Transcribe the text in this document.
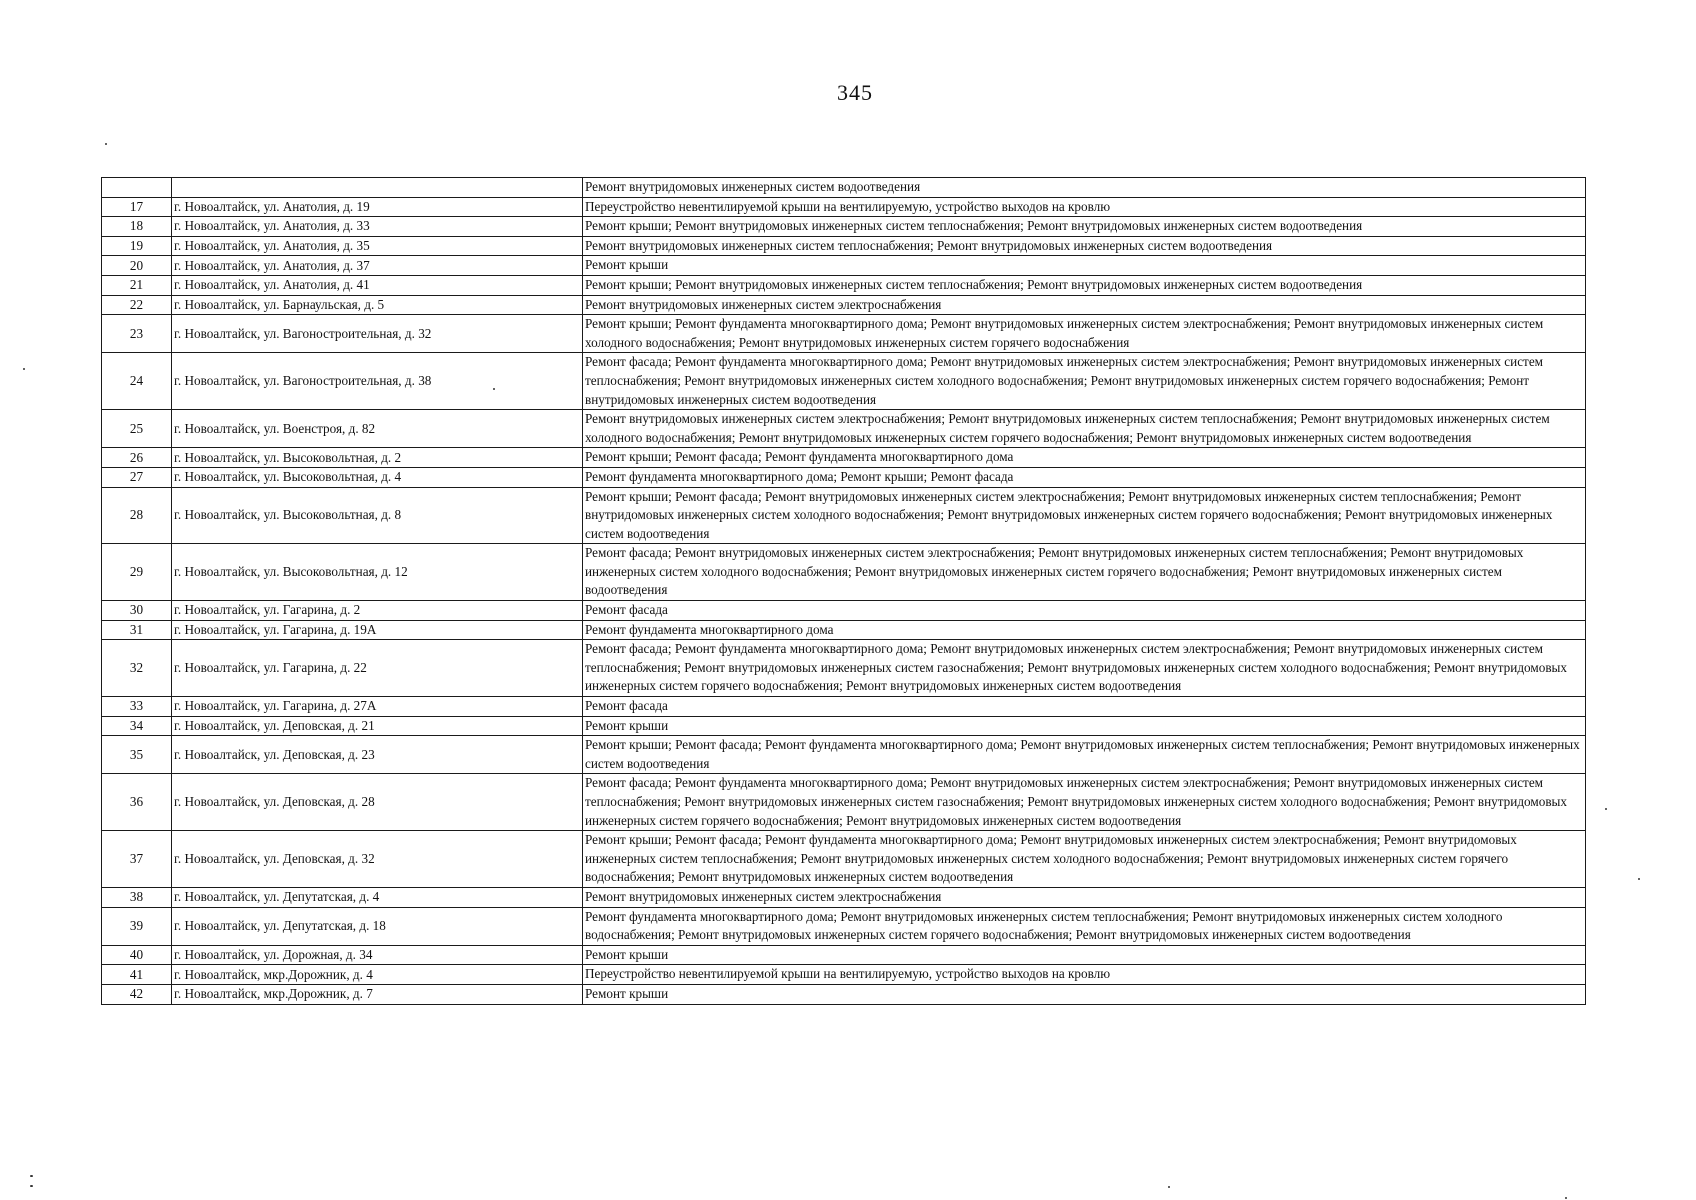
345
		Ремонт внутридомовых инженерных систем водоотведения
17	г. Новоалтайск, ул. Анатолия, д. 19	Переустройство невентилируемой крыши на вентилируемую, устройство выходов на кровлю
18	г. Новоалтайск, ул. Анатолия, д. 33	Ремонт крыши; Ремонт внутридомовых инженерных систем теплоснабжения; Ремонт внутридомовых инженерных систем водоотведения
19	г. Новоалтайск, ул. Анатолия, д. 35	Ремонт внутридомовых инженерных систем теплоснабжения; Ремонт внутридомовых инженерных систем водоотведения
20	г. Новоалтайск, ул. Анатолия, д. 37	Ремонт крыши
21	г. Новоалтайск, ул. Анатолия, д. 41	Ремонт крыши; Ремонт внутридомовых инженерных систем теплоснабжения; Ремонт внутридомовых инженерных систем водоотведения
22	г. Новоалтайск, ул. Барнаульская, д. 5	Ремонт внутридомовых инженерных систем электроснабжения
23	г. Новоалтайск, ул. Вагоностроительная, д. 32	Ремонт крыши; Ремонт фундамента многоквартирного дома; Ремонт внутридомовых инженерных систем электроснабжения; Ремонт внутридомовых инженерных систем холодного водоснабжения; Ремонт внутридомовых инженерных систем горячего водоснабжения
24	г. Новоалтайск, ул. Вагоностроительная, д. 38	Ремонт фасада; Ремонт фундамента многоквартирного дома; Ремонт внутридомовых инженерных систем электроснабжения; Ремонт внутридомовых инженерных систем теплоснабжения; Ремонт внутридомовых инженерных систем холодного водоснабжения; Ремонт внутридомовых инженерных систем горячего водоснабжения; Ремонт внутридомовых инженерных систем водоотведения
25	г. Новоалтайск, ул. Военстроя, д. 82	Ремонт внутридомовых инженерных систем электроснабжения; Ремонт внутридомовых инженерных систем теплоснабжения; Ремонт внутридомовых инженерных систем холодного водоснабжения; Ремонт внутридомовых инженерных систем горячего водоснабжения; Ремонт внутридомовых инженерных систем водоотведения
26	г. Новоалтайск, ул. Высоковольтная, д. 2	Ремонт крыши; Ремонт фасада; Ремонт фундамента многоквартирного дома
27	г. Новоалтайск, ул. Высоковольтная, д. 4	Ремонт фундамента многоквартирного дома; Ремонт крыши; Ремонт фасада
28	г. Новоалтайск, ул. Высоковольтная, д. 8	Ремонт крыши; Ремонт фасада; Ремонт внутридомовых инженерных систем электроснабжения; Ремонт внутридомовых инженерных систем теплоснабжения; Ремонт внутридомовых инженерных систем холодного водоснабжения; Ремонт внутридомовых инженерных систем горячего водоснабжения; Ремонт внутридомовых инженерных систем водоотведения
29	г. Новоалтайск, ул. Высоковольтная, д. 12	Ремонт фасада; Ремонт внутридомовых инженерных систем электроснабжения; Ремонт внутридомовых инженерных систем теплоснабжения; Ремонт внутридомовых инженерных систем холодного водоснабжения; Ремонт внутридомовых инженерных систем горячего водоснабжения; Ремонт внутридомовых инженерных систем водоотведения
30	г. Новоалтайск, ул. Гагарина, д. 2	Ремонт фасада
31	г. Новоалтайск, ул. Гагарина, д. 19А	Ремонт фундамента многоквартирного дома
32	г. Новоалтайск, ул. Гагарина, д. 22	Ремонт фасада; Ремонт фундамента многоквартирного дома; Ремонт внутридомовых инженерных систем электроснабжения; Ремонт внутридомовых инженерных систем теплоснабжения; Ремонт внутридомовых инженерных систем газоснабжения; Ремонт внутридомовых инженерных систем холодного водоснабжения; Ремонт внутридомовых инженерных систем горячего водоснабжения; Ремонт внутридомовых инженерных систем водоотведения
33	г. Новоалтайск, ул. Гагарина, д. 27А	Ремонт фасада
34	г. Новоалтайск, ул. Деповская, д. 21	Ремонт крыши
35	г. Новоалтайск, ул. Деповская, д. 23	Ремонт крыши; Ремонт фасада; Ремонт фундамента многоквартирного дома; Ремонт внутридомовых инженерных систем теплоснабжения; Ремонт внутридомовых инженерных систем водоотведения
36	г. Новоалтайск, ул. Деповская, д. 28	Ремонт фасада; Ремонт фундамента многоквартирного дома; Ремонт внутридомовых инженерных систем электроснабжения; Ремонт внутридомовых инженерных систем теплоснабжения; Ремонт внутридомовых инженерных систем газоснабжения; Ремонт внутридомовых инженерных систем холодного водоснабжения; Ремонт внутридомовых инженерных систем горячего водоснабжения; Ремонт внутридомовых инженерных систем водоотведения
37	г. Новоалтайск, ул. Деповская, д. 32	Ремонт крыши; Ремонт фасада; Ремонт фундамента многоквартирного дома; Ремонт внутридомовых инженерных систем электроснабжения; Ремонт внутридомовых инженерных систем теплоснабжения; Ремонт внутридомовых инженерных систем холодного водоснабжения; Ремонт внутридомовых инженерных систем горячего водоснабжения; Ремонт внутридомовых инженерных систем водоотведения
38	г. Новоалтайск, ул. Депутатская, д. 4	Ремонт внутридомовых инженерных систем электроснабжения
39	г. Новоалтайск, ул. Депутатская, д. 18	Ремонт фундамента многоквартирного дома; Ремонт внутридомовых инженерных систем теплоснабжения; Ремонт внутридомовых инженерных систем холодного водоснабжения; Ремонт внутридомовых инженерных систем горячего водоснабжения; Ремонт внутридомовых инженерных систем водоотведения
40	г. Новоалтайск, ул. Дорожная, д. 34	Ремонт крыши
41	г. Новоалтайск, мкр.Дорожник, д. 4	Переустройство невентилируемой крыши на вентилируемую, устройство выходов на кровлю
42	г. Новоалтайск, мкр.Дорожник, д. 7	Ремонт крыши
